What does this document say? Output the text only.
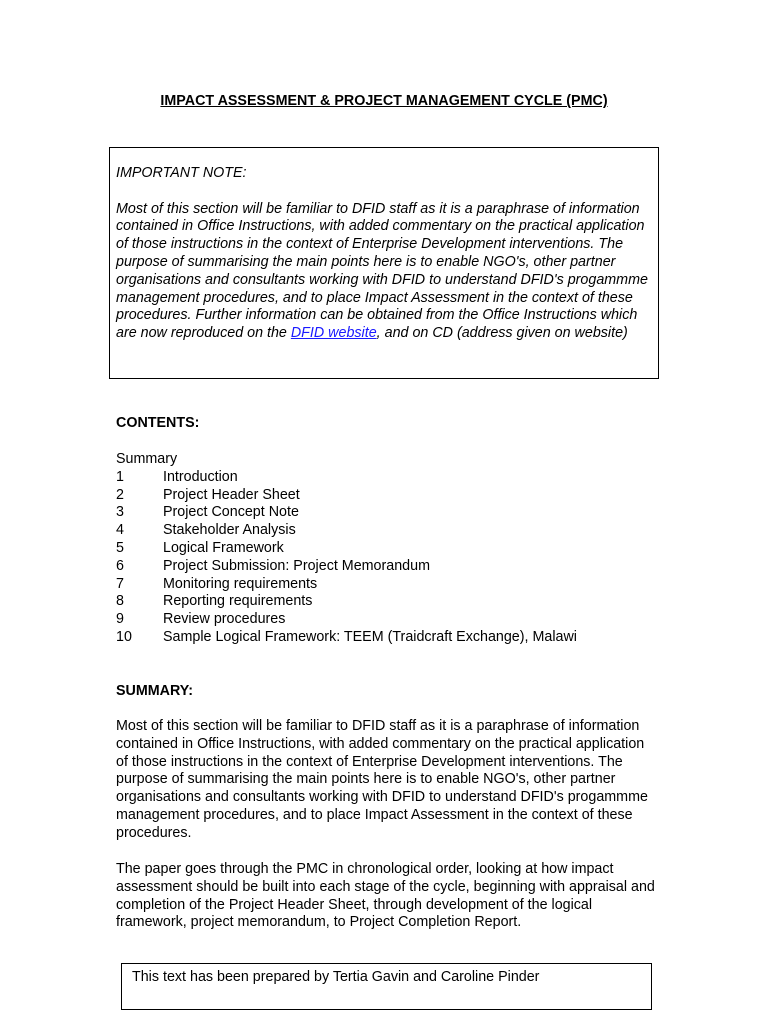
IMPACT ASSESSMENT & PROJECT MANAGEMENT CYCLE (PMC)

IMPORTANT NOTE:

Most of this section will be familiar to DFID staff as it is a paraphrase of information contained in Office Instructions, with added commentary on the practical application of those instructions in the context of Enterprise Development interventions. The purpose of summarising the main points here is to enable NGO's, other partner organisations and consultants working with DFID to understand DFID's progammme management procedures, and to place Impact Assessment in the context of these procedures. Further information can be obtained from the Office Instructions which are now reproduced on the DFID website, and on CD (address given on website)

CONTENTS:
Summary
1	Introduction
2	Project Header Sheet
3	Project Concept Note
4	Stakeholder Analysis
5	Logical Framework
6	Project Submission: Project Memorandum
7	Monitoring requirements
8	Reporting requirements
9	Review procedures
10	Sample Logical Framework: TEEM (Traidcraft Exchange), Malawi
SUMMARY:

Most of this section will be familiar to DFID staff as it is a paraphrase of information contained in Office Instructions, with added commentary on the practical application of those instructions in the context of Enterprise Development interventions. The purpose of summarising the main points here is to enable NGO's, other partner organisations and consultants working with DFID to understand DFID's progammme management procedures, and to place Impact Assessment in the context of these procedures.

The paper goes through the PMC in chronological order, looking at how impact assessment should be built into each stage of the cycle, beginning with appraisal and completion of the Project Header Sheet, through development of the logical framework, project memorandum, to Project Completion Report.

This text has been prepared by Tertia Gavin and Caroline Pinder
